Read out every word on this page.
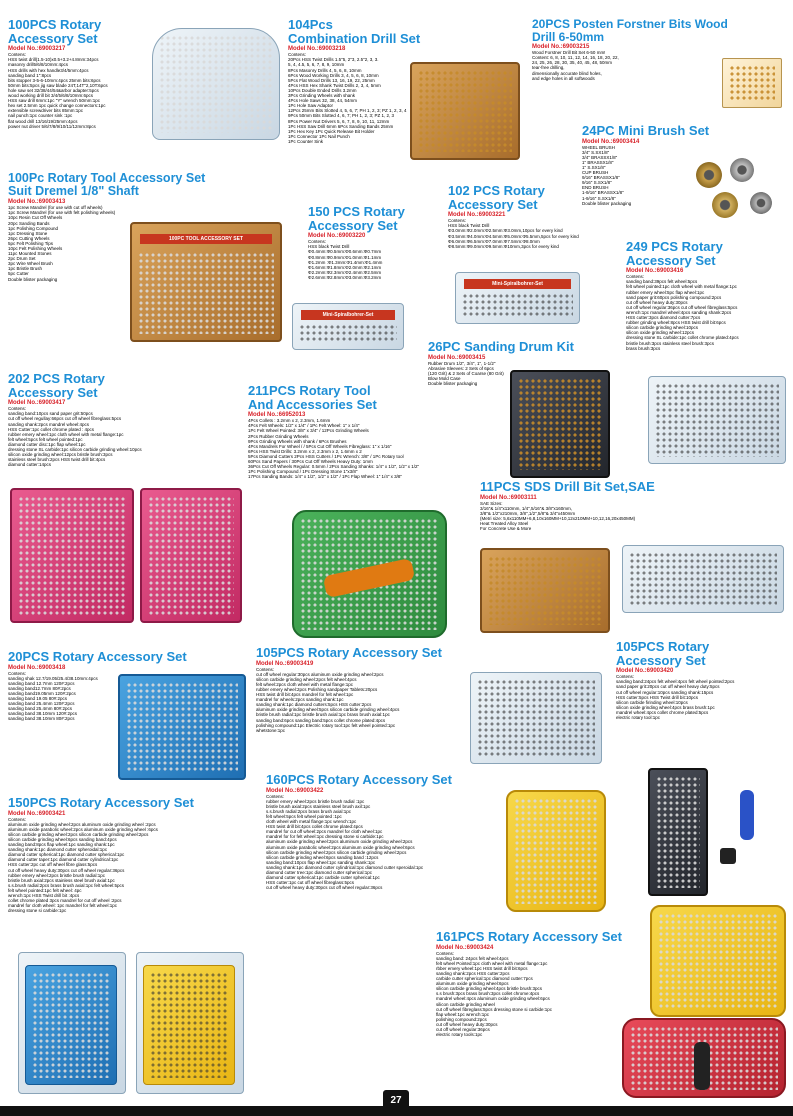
100PCS Rotary Accessory Set
Model No.:69003217
Contens:
HSS twist drill(1.5-10)x0.5+3.2+4.8mm:34pcs
masonry drill5/6/8/10mm:4pcs
HSS drills with hex handle3/4/5mm:4pcs
sanding band 1":8pcs
bits stopper 3-5-6-10mm:4pcs 25mm bits:6pcs
50mm bits:5pcs jig saw blade 24T,14T"2,10T:6pcs
hole saw set 32/38/44/54&arbor adapter:5pcs
wood working drill bit 3/4/5/6/8/10mm:6pcs
HSS saw drill 6mm:1pc "Y" wrench 50mm:1pc
hex set 2.5mm 1pc quick change connectors:1pc
extensible screwdriver bits 85mm:1pc
nail punch:1pc counter sink :1pc
flat wood drill 13/16/19/25mm:4pcs
power nut driver 5/6/7/8/9/10/11/12mm:8pcs
104Pcs
Combination Drill Set
Model No.:69003218
Contens:
20Pcs HSS Twist Drills 1.5"5, 2"3, 2.5"2, 3, 3.
5, 4, 4.5, 5, 6, 7, 8, 9, 10mm
8Pcs Masonry Drills 4, 5, 6, 8, 10mm
6Pcs Wood Working Drills 3, 4, 5, 6, 8, 10mm
5Pcs Flat Wood Drills 13, 16, 19, 22, 25mm
4Pcs HSS Hex Shank Twist Drills 2, 3, 4, 5mm
10Pcs Double Ended Drills 3.2mm
3Pcs Grinding Wheels with shank
4Pcs Hole Saws 32, 38, 44, 54mm
1Pc Hole Saw Adaptor
12Pcs 25mm Bits Slotted 4, 5, 6, 7; PH 1, 2, 3; PZ 1, 2, 3, 4
9Pcs 50mm Bits Slotted 4, 6, 7; PH 1, 2, 3; PZ 1, 2, 3
8Pcs Power Nut Drivers 5, 6, 7, 8, 9, 10, 11, 12mm
1Pc HSS Saw Drill 6mm 6Pcs Sanding Bands 25mm
1Pc Hex Key 1Pc Quick Release Bit Holder
1Pc Connector 1Pc Nail Punch
1Pc Counter Sink
20PCS Posten Forstner Bits Wood
Drill 6-50mm
Model No.:69003215
Wood Forstner Drill Bit Set 6-50 mm!
Content: 6, 8, 10, 11, 12, 14, 16, 18, 20, 22,
24, 25, 26, 28, 30, 35, 40, 45, 48, 50mm
tear-free drilling,
dimensionally accurate blind holes,
and edge holes in all softwoods
24PC Mini Brush Set
Model No.:69003414
WHEEL BRUSH
3/4" S.SX1/8"
3/4" BRASSX1/8"
1" BRASSX1/8"
1" S.SX1/8"
CUP BRUSH
9/16" BRASSX1/8"
9/16" S.SX1/8"
END BRUSH
1-9/16" BRASSX1/8"
1-9/16" S.SX1/8"
Double blister packaging
100Pc Rotary Tool Accessory Set
Suit Dremel 1/8" Shaft
Model No.:69003413
1pc Screw Mandrel (for use with cut off wheels)
1pc Screw Mandrel (for use with felt polishing wheels)
10pc Resin Cut Off Wheels
20pc Sanding Bands
1pc Polishing Compound
1pc Dressing Stone
26pc Cutting Wheels
5pc Felt Polishing Tips
10pc Felt Polishing Wheels
11pc Mounted Stones
2pc Drum Set
3pc Wire Wheel Brush
1pc Bristle Brush
5pc Cutter
Double blister packaging
100PC TOOL ACCESSORY SET
150 PCS Rotary
Accessory Set
Model No.:69003220
Contens:
HSS black Twist Drill
Φ0.4mm:Φ0.5mm:Φ0.6mm:Φ0.7mm
Φ0.8mm:Φ0.9mm:Φ1.0mm:Φ1.1mm
Φ1.2mm :Φ1.3mm:Φ1.4mm:Φ1.4mm
Φ1.6mm:Φ1.8mm:Φ2.0mm:Φ2.1mm
Φ2.2mm:Φ2.3mm:Φ2.4mm:Φ2.5mm
Φ2.6mm:Φ2.8mm:Φ3.0mm:Φ3.2mm
Mini-Spiralbohrer-Set
102 PCS Rotary
Accessory Set
Model No.:69003221
Contens:
HSS black Twist Drill
Φ3.0mm:Φ2.0mm:Φ2.5mm:Φ3.0mm,10pcs for every kind
Φ3.5mm:Φ4.0mm:Φ4.5mm:Φ5.0mm:Φ5.5mm,5pcs for every kind
Φ6.0mm:Φ6.5mm:Φ7.0mm:Φ7.5mm:Φ8.0mm
Φ8.5mm:Φ9.0mm:Φ9.5mm:Φ10mm,3pcs for every kind
Mini-Spiralbohrer-Set
249 PCS Rotary
Accessory Set
Model No.:69003416
Contens:
sanding band:39pcs felt wheel:5pcs
felt wheel pointed:1pc cloth wheel with metal flange:1pc
rubber emery wheel:5pc flap wheel:1pc
sand paper grit:60pcs polishing compound:2pcs
cut off wheel heavy duty:30pcs
cut off wheel regular:36pcs cut off wheel fibreglass:5pcs
wrench:1pc mandrel wheel:4pcs sanding shank:2pcs
HSS cutter:3pcs diamond cutter:7pcs
rubber grinding wheel:8pcs HSS twist drill bit:6pcs
silicon carbide grinding wheel:10pcs
silicon oxide grinding wheel:12pcs
dressing stone SL carbide:1pc collet chrome plated:4pcs
bristle brush:3pcs stainless steel brush:3pcs
brass brush:3pcs
26PC Sanding Drum Kit
Model No.:69003415
Rubber Drum 1/2", 3/4", 1", 1-1/2"
Abrasive Sleeves: 2 Sets of 6pcs
(120 Grit) & 2 Sets of Coarse (80 Grit)
Blow Mold Case
Double blister packaging
202 PCS Rotary
Accessory Set
Model No.:69003417
Contens:
sanding band:10pcs sand paper grit:50pcs
cut off wheel regullay:66pcs cut off wheel fibreglass:5pcs
sanding shank:2pcs mandrel wheel:4pcs
HSS Cutter:1pc collet chrome plated : 4pcs
rubber emery wheel:1pc cloth wheel with metal flange:1pc
felt wheel:5pcs felt wheel pointed:1pc
diamond cutter disc:1pc flap wheel:1pc
dressing stone SL carbide:1pc silicon carbide grinding wheel:10pcs
silicon oxide grinding wheel:12pcs bristle brush:3pcs
stainless steel brush:2pcs HSS twist drill bit:4pcs
diamond cutter:14pcs
211PCS Rotary Tool
And Accessories Set
Model No.:66952013
4Pcs Collets : 3.2mm x 2, 2.3mm, 1.6mm
4Pcs Felt Wheels: 1/2" x 1/4" / 1Pc Felt Wheel: 1" x 1/4"
1Pc Felt Wheel Pointed: 3/8" x 3/4" / 12Pcs Grinding Wheels
2Pcs Rubber Grinding Wheels
9Pcs Grinding Wheels with shank / 6Pcs Brushes
4Pcs Mandrels For Wheel / / 5Pcs Cut Off Wheels Fibreglass: 1" x 1/16"
6Pcs HSS Twist Drills: 3.2mm x 2, 2.3mm x 2, 1.6mm x 2
5Pcs Diamond Cutters 2Pcs HSS Cutters / 1Pc Wrench: 3/8" / 1Pc Rotary tool
60Pcs Sand Papers / 30Pcs Cut Off Wheels Heavy Duty: 1mm
36Pcs Cut Off Wheels Regular: 0.5mm / 2Pcs Sanding Shanks: 1/4" x 1/2", 1/2" x 1/2"
1Pc Polishing Compound / 1Pc Dressing Stone 1"x3/8"
17Pcs Sanding Bands: 1/4" x 1/2", 1/2" x 1/2" / 1Pc Flap Wheel: 1" 1/4" x 3/8"
11PCS SDS Drill Bit Set,SAE
Model No.:69003111
SAE Sizes:
3/16"& 1/4"x110mm, 1/4",5/16"& 3/8"x160mm,
3/8"& 1/2"x210mm, 3/8",1/2",5/8"& 3/4"x450mm
(Metri size: 5,6x110MM+6,8,10x160MM+10,12x210MM+10,12,16,20x450MM)
Heat Treated Alloy Steel
For Concrete Use & More
20PCS Rotary Accessory Set
Model No.:69003418
Contens:
sanding shak 12.7/19.05/25.4/38.10mm:4pcs
sanding band 12.7mm 120#:2pcs
sanding band12.7mm 80#:2pcs
sanding band19.05mm 120#:2pcs
sanding band 19.05 80#:2pcs
sanding band 25.4mm 120#:2pcs
sanding band 25.4mm 80#:2pcs
sanding band 38.10mm 120#:2pcs
sanding band 38.10mm 80#:2pcs
105PCS Rotary Accessory Set
Model No.:69003419
Contens:
cut off wheel regular:30pcs aluminum oxide grinding wheel:2pcs
silicon carbide grinding wheel:2pcs felt wheel:4pcs
felt wheel:2pcs cloth wheel with metal flange:1pc
rubber emery wheel:2pcs Polishing sandpaper Tablets:20pcs
HSS twist drill bit:4pcs mandrel for felt wheel:1pc
mandrel for wheels:2pcs sanding shank:1pc
sanding shank:1pc diamond cutters:5pcs HSS cutter:2pcs
aluminum oxide grinding wheel:5pcs silicon carbide grinding wheel:4pcs
bristle brush radial:1pc bristle brush axial:1pc brass brush axial:1pc
sanding band:6pcs sanding band:5pcs collet chrome plated:4pcs
polishing compound:1pc Electric rotary tool:1pc felt wheel pointed:1pc
whetstone:1pc
105PCS Rotary
Accessory Set
Model No.:69003420
Contens:
sanding band:24pcs felt wheel:4pcs felt wheel pointed:2pcs
sand paper grit:20pcs cut off wheel heavy duty:5pcs
cut off wheel regular:10pcs sanding shank:15pcs
HSS cutter:5pcs HSS Twist drill bit:10pcs
silicon carbide firinding wheel:10pcs
silicon oxide grinding wheel:4pcs brass brush:1pc
mandrel wheel:4pcs collet chrome plated:5pcs
electric rotary tool:1pc
160PCS Rotary Accessory Set
Model No.:69003422
Contens:
rubber emery wheel:2pcs bristle brush radial :1pc
bristle brush axial:2pcs stainless steel brush axil:1pc
s.s.brush radial:2pcs brass brush axial:1pc
felt wheel:5pcs felt wheel pointed :1pc
cloth wheel with metal flange:1pc wrench:1pc
HSS twist drill bit:4pcs collet chrome plated:4pcs
mandrel for cut off wheel:2pcs mandrel for cloth wheel:1pc
mandrel for for felt wheel:1pc dressing stone si carbide:1pc
aluminum oxide grinding wheel:2pcs aluminum oxide grinding wheel:2pcs
aluminum oxide parabolic wheel:2pcs aluminum oxide grinding wheel:6pcs
silicon carbide grinding wheel:2pcs silicon carbide grinding wheel:2pcs
silicon carbide grinding wheel:6pcs sanding band :12pcs
sanding band:10pcs flap wheel:1pc sanding shank:1pc
sanding shank:1pc diamond cutter cylindrical:1pc diamond cutter speroidal:1pc
diamond cutter tree:1pc diamond cutter spherical:1pc
diamond cutter spherical:1pc carbide cutter spherical:1pc
HSS cutter:1pc cut off wheel fibreglass:5pcs
cut off wheel heavy duty:30pcs cut off wheel regular:36pcs
150PCS Rotary Accessory Set
Model No.:69003421
Contens:
aluminum oxide grinding wheel:2pcs aluminum oxide grinding wheel :2pcs
aluminum oxide parabolic wheel:2pcs aluminum oxide grinding wheel :6pcs
silicon carbide grinding wheel:2pcs silicon carbide grinding wheel:2pcs
silicon carbide grinding wheel:6pcs sanding band:4pcs
sanding band:8pcs flap wheel:1pc sanding shank:1pc
sanding shank:1pc diamond cutter spheroidal:1pc
diamond cutter spherical:1pc diamond cutter spherical:1pc
diamond cutter taper:1pc diamond cutter cylindrical:1pc
HSS cutter:2pc cut off wheel fibre glass:5pcs
cut off wheel heavy duty:30pcs cut off wheel regular:36pcs
rubber emery wheel:2pcs bristle brush radial:1pc
bristle brush axial:2pcs stainless steel brush axial:1pc
s.s.brush radial:2pcs brass brush axial:1pc felt wheel:5pcs
felt wheel pointed:1pc felt wheel: 4pc
wrench:1pc HSS Twist drill bit :4pcs
collet chrome plated 3pcs mandrel for cut off wheel :2pcs
mandrel for cloth wheel: 1pc mandrel for felt wheel:1pc
dressing stone si carbide:1pc
161PCS Rotary Accessory Set
Model No.:69003424
Contens:
sanding band: 24pcs felt wheel:4pcs
felt wheel Pointed:1pc cloth wheel with metal flange:1pc
rbber emery wheel:1pc HSS twist drill bit:6pcs
sanding shank:2pcs HSS cutter:2pcs
carbide cutter spherical:1pc diamond cutter:7pcs
aluminum oxide grinding wheel:6pcs
silicon carbide grinding wheel:4pcs bristle brush:3pcs
s.s brush:3pcs brass brush:3pcs collet chrome:4pcs
mandrel wheel:4pcs aluminum oxide grinding wheel:6pcs
silicon carbide grinding wheel
cut off wheel fibreglass:5pcs dressing stone si carbide:1pc
flap wheel:1pc wrench:1pc
polishing compound:2pcs
cut off wheel heavy duty:30pcs
cut off wheel regular:36pcs
electric rotary tools:1pc
27
